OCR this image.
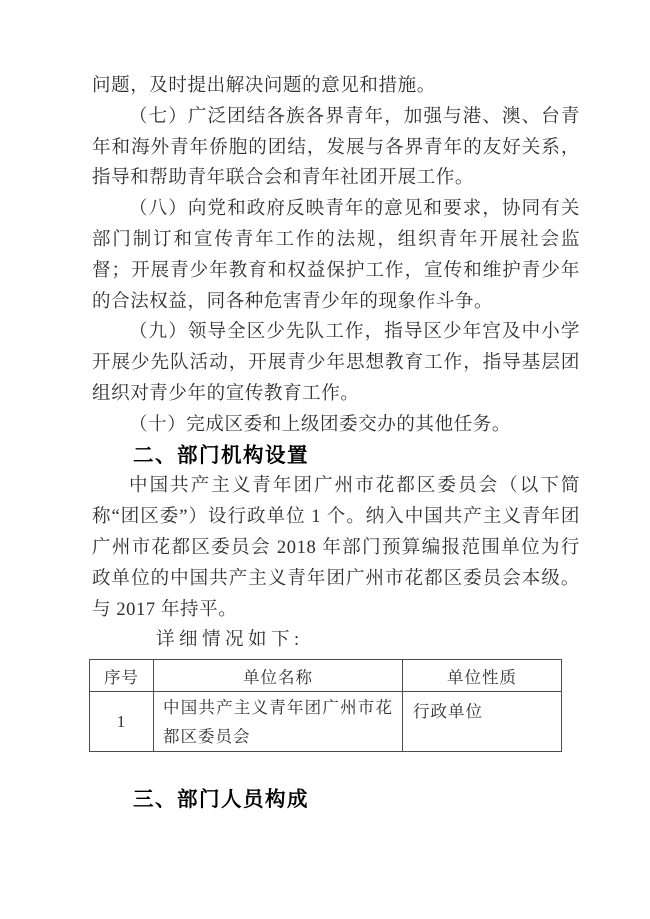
问题，及时提出解决问题的意见和措施。

（七）广泛团结各族各界青年，加强与港、澳、台青年和海外青年侨胞的团结，发展与各界青年的友好关系，指导和帮助青年联合会和青年社团开展工作。

（八）向党和政府反映青年的意见和要求，协同有关部门制订和宣传青年工作的法规，组织青年开展社会监督；开展青少年教育和权益保护工作，宣传和维护青少年的合法权益，同各种危害青少年的现象作斗争。

（九）领导全区少先队工作，指导区少年宫及中小学开展少先队活动，开展青少年思想教育工作，指导基层团组织对青少年的宣传教育工作。

（十）完成区委和上级团委交办的其他任务。

二、部门机构设置

中国共产主义青年团广州市花都区委员会（以下简称“团区委”）设行政单位 1 个。纳入中国共产主义青年团广州市花都区委员会 2018 年部门预算编报范围单位为行政单位的中国共产主义青年团广州市花都区委员会本级。与 2017 年持平。

详细情况如下:

序号	单位名称	单位性质
1	中国共产主义青年团广州市花都区委员会	行政单位
三、部门人员构成
